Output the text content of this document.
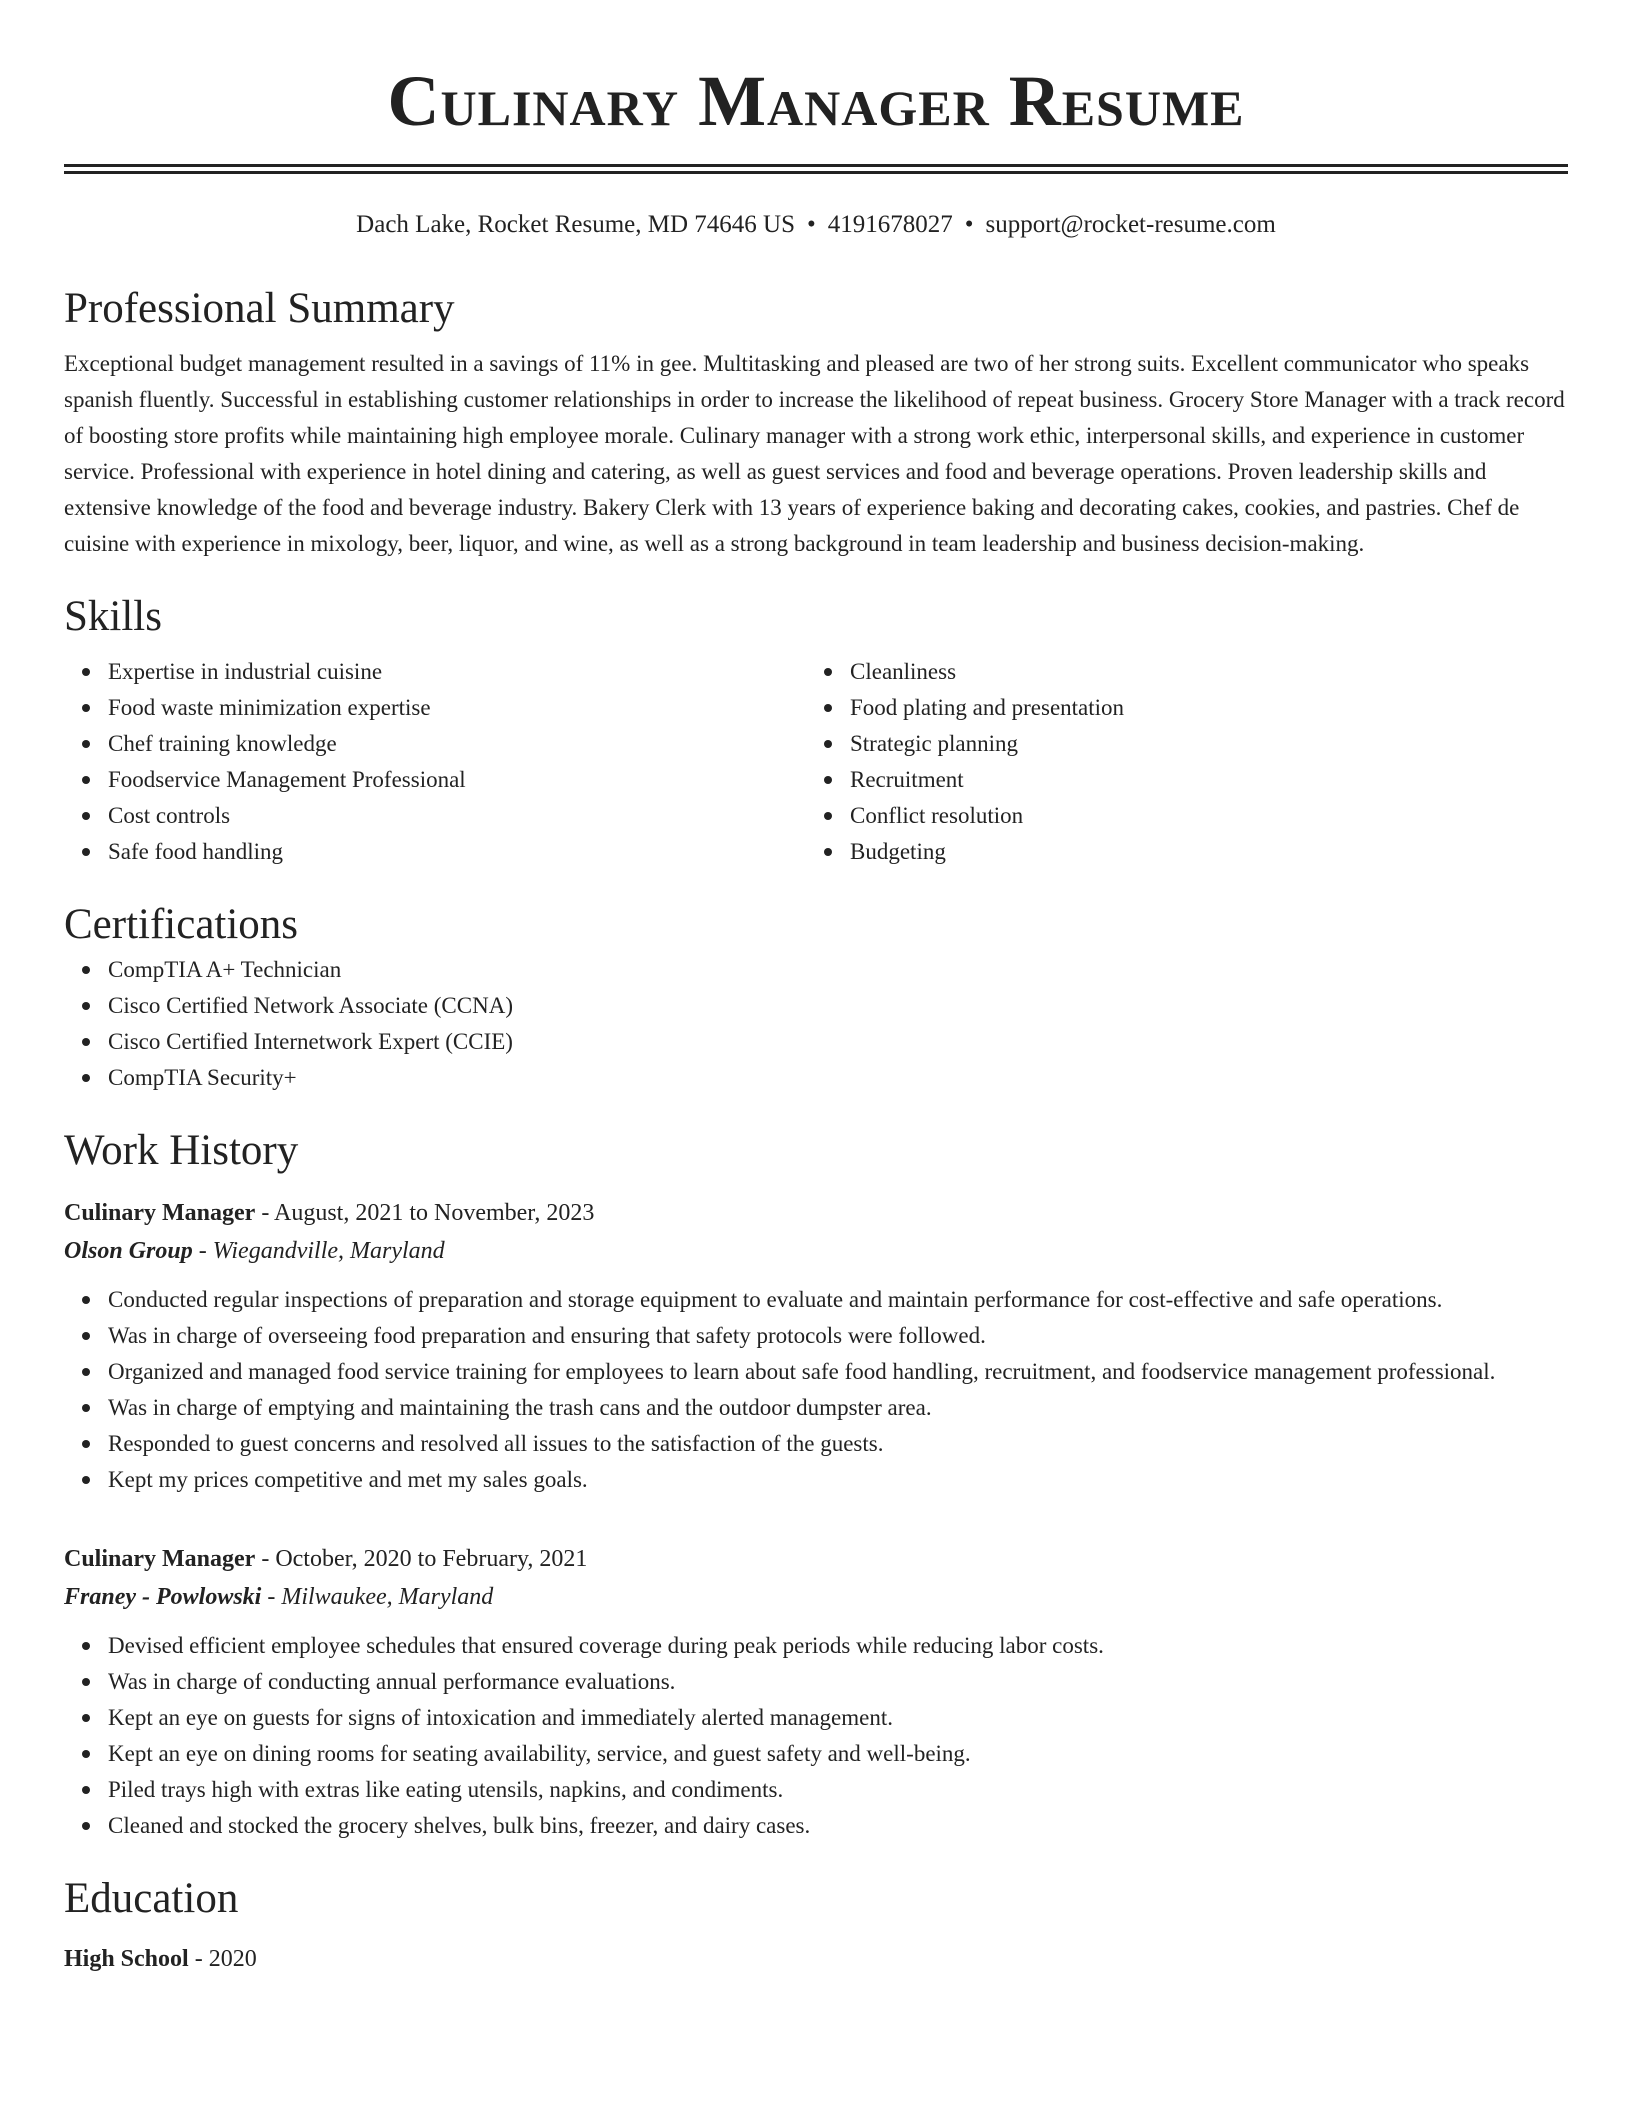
Culinary Manager Resume
Dach Lake, Rocket Resume, MD 74646 US • 4191678027 • support@rocket-resume.com
Professional Summary

Exceptional budget management resulted in a savings of 11% in gee. Multitasking and pleased are two of her strong suits. Excellent communicator who speaks spanish fluently. Successful in establishing customer relationships in order to increase the likelihood of repeat business. Grocery Store Manager with a track record of boosting store profits while maintaining high employee morale. Culinary manager with a strong work ethic, interpersonal skills, and experience in customer service. Professional with experience in hotel dining and catering, as well as guest services and food and beverage operations. Proven leadership skills and extensive knowledge of the food and beverage industry. Bakery Clerk with 13 years of experience baking and decorating cakes, cookies, and pastries. Chef de cuisine with experience in mixology, beer, liquor, and wine, as well as a strong background in team leadership and business decision-making.

Skills
Expertise in industrial cuisine
Food waste minimization expertise
Chef training knowledge
Foodservice Management Professional
Cost controls
Safe food handling
Cleanliness
Food plating and presentation
Strategic planning
Recruitment
Conflict resolution
Budgeting
Certifications
CompTIA A+ Technician
Cisco Certified Network Associate (CCNA)
Cisco Certified Internetwork Expert (CCIE)
CompTIA Security+
Work History
Culinary Manager - August, 2021 to November, 2023
Olson Group - Wiegandville, Maryland
Conducted regular inspections of preparation and storage equipment to evaluate and maintain performance for cost-effective and safe operations.
Was in charge of overseeing food preparation and ensuring that safety protocols were followed.
Organized and managed food service training for employees to learn about safe food handling, recruitment, and foodservice management professional.
Was in charge of emptying and maintaining the trash cans and the outdoor dumpster area.
Responded to guest concerns and resolved all issues to the satisfaction of the guests.
Kept my prices competitive and met my sales goals.
Culinary Manager - October, 2020 to February, 2021
Franey - Powlowski - Milwaukee, Maryland
Devised efficient employee schedules that ensured coverage during peak periods while reducing labor costs.
Was in charge of conducting annual performance evaluations.
Kept an eye on guests for signs of intoxication and immediately alerted management.
Kept an eye on dining rooms for seating availability, service, and guest safety and well-being.
Piled trays high with extras like eating utensils, napkins, and condiments.
Cleaned and stocked the grocery shelves, bulk bins, freezer, and dairy cases.
Education
High School - 2020
